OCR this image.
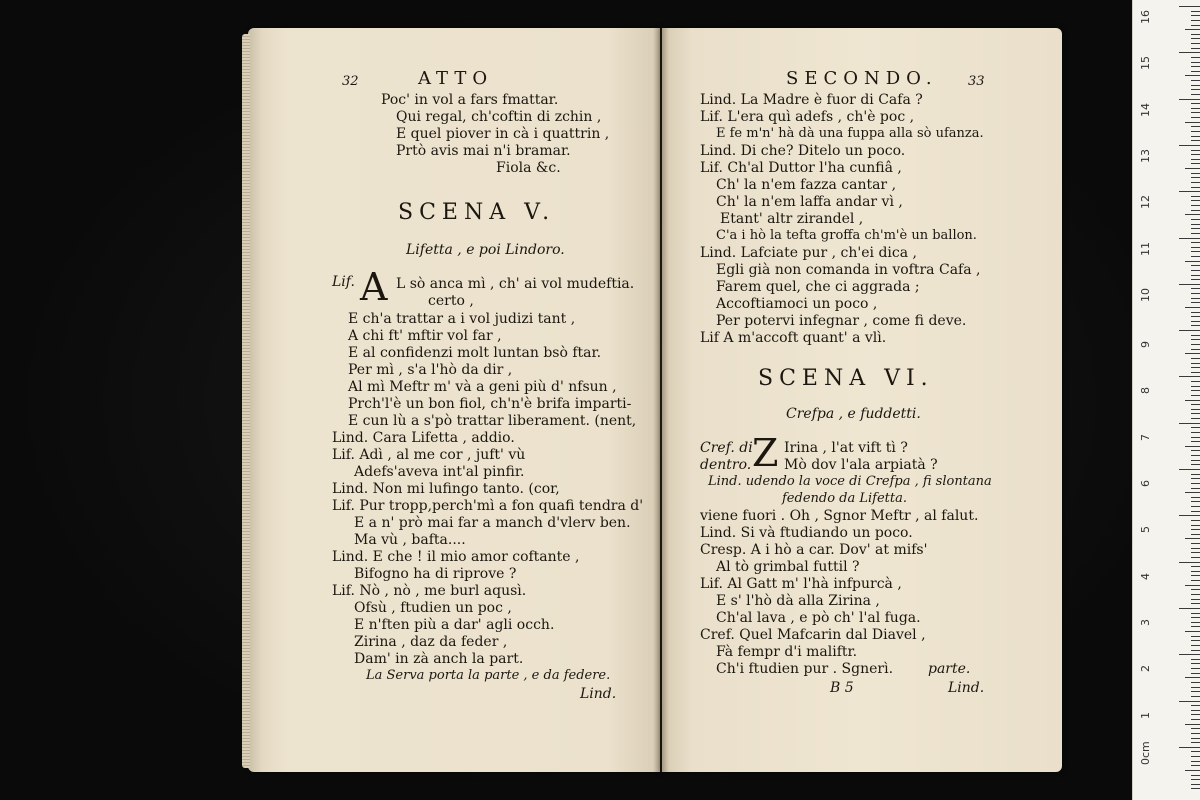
32	ATTO
Poc' in vol a fars fmattar.
Qui regal, ch'coftin di zchin ,
E quel piover in cà i quattrin ,
Prtò avis mai n'i bramar.
Fiola &c.
SCENA V.
Lifetta , e poi Lindoro.
Lif. A L sò anca mì , ch' ai vol mudeftia.
certo ,
E ch'a trattar a i vol judizi tant ,
A chi ft' mftir vol far ,
E al confidenzi molt luntan bsò ftar.
Per mì , s'a l'hò da dir ,
Al mì Meftr m' và a geni più d' nfsun ,
Prch'l'è un bon fiol, ch'n'è brifa imparti-
E cun lù a s'pò trattar liberament. (nent,
Lind. Cara Lifetta , addio.
Lif. Adì , al me cor , juft' vù
Adefs'aveva int'al pinfir.
Lind. Non mi lufingo tanto. (cor,
Lif. Pur tropp,perch'mì a fon quafi tendra d'
E a n' prò mai far a manch d'vlerv ben.
Ma vù , bafta....
Lind. E che ! il mio amor coftante ,
Bifogno ha di riprove ?
Lif. Nò , nò , me burl aqusì.
Ofsù , ftudien un poc ,
E n'ften più a dar' agli occh.
Zirina , daz da feder ,
Dam' in zà anch la part.
La Serva porta la parte , e da federe.
Lind.
SECONDO. 33
Lind. La Madre è fuor di Cafa ?
Lif. L'era quì adefs , ch'è poc ,
E fe m'n' hà dà una fuppa alla sò ufanza.
Lind. Di che? Ditelo un poco.
Lif. Ch'al Duttor l'ha cunfiâ ,
Ch' la n'em fazza cantar ,
Ch' la n'em laffa andar vì ,
Etant' altr zirandel ,
C'a i hò la tefta groffa ch'm'è un ballon.
Lind. Lafciate pur , ch'ei dica ,
Egli già non comanda in voftra Cafa ,
Farem quel, che ci aggrada ;
Accoftiamoci un poco ,
Per potervi infegnar , come fi deve.
Lif A m'accoft quant' a vlì.
SCENA VI.
Crefpa , e fuddetti.
Cref. di
dentro. Z Irina , l'at vift tì ?
Mò dov l'ala arpiatà ?
Lind. udendo la voce di Crefpa , fi slontana
fedendo da Lifetta.
viene fuori . Oh , Sgnor Meftr , al falut.
Lind. Si và ftudiando un poco.
Cresp. A i hò a car. Dov' at mifs'
Al tò grimbal futtil ?
Lif. Al Gatt m' l'hà infpurcà ,
E s' l'hò dà alla Zirina ,
Ch'al lava , e pò ch' l'al fuga.
Cref. Quel Mafcarin dal Diavel ,
Fà fempr d'i maliftr.
Ch'i ftudien pur . Sgnerì. parte.
B 5	Lind.
16
15
14
13
12
11
10
9
8
7
6
5
4
3
2
1
0cm
